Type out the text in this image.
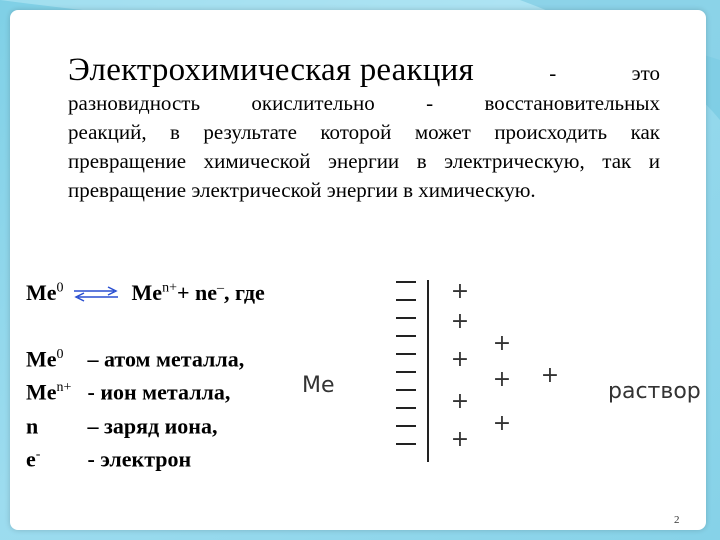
Электрохимическая реакция	-	это
разновидность окислительно - восстановительных

реакций, в результате которой может происходить как превращение химической энергии в электрическую, так и превращение электрической энергии в химическую.

Me$^0$ ⇌ $Me^{n+} + ne^-$ , где
Me$^0$ – атом металла,
$Me^{n+}$ - ион металла,
n – заряд иона,
e- - электрон
Me	раствор
+
+
+
+
+
+
+
+
+
2
